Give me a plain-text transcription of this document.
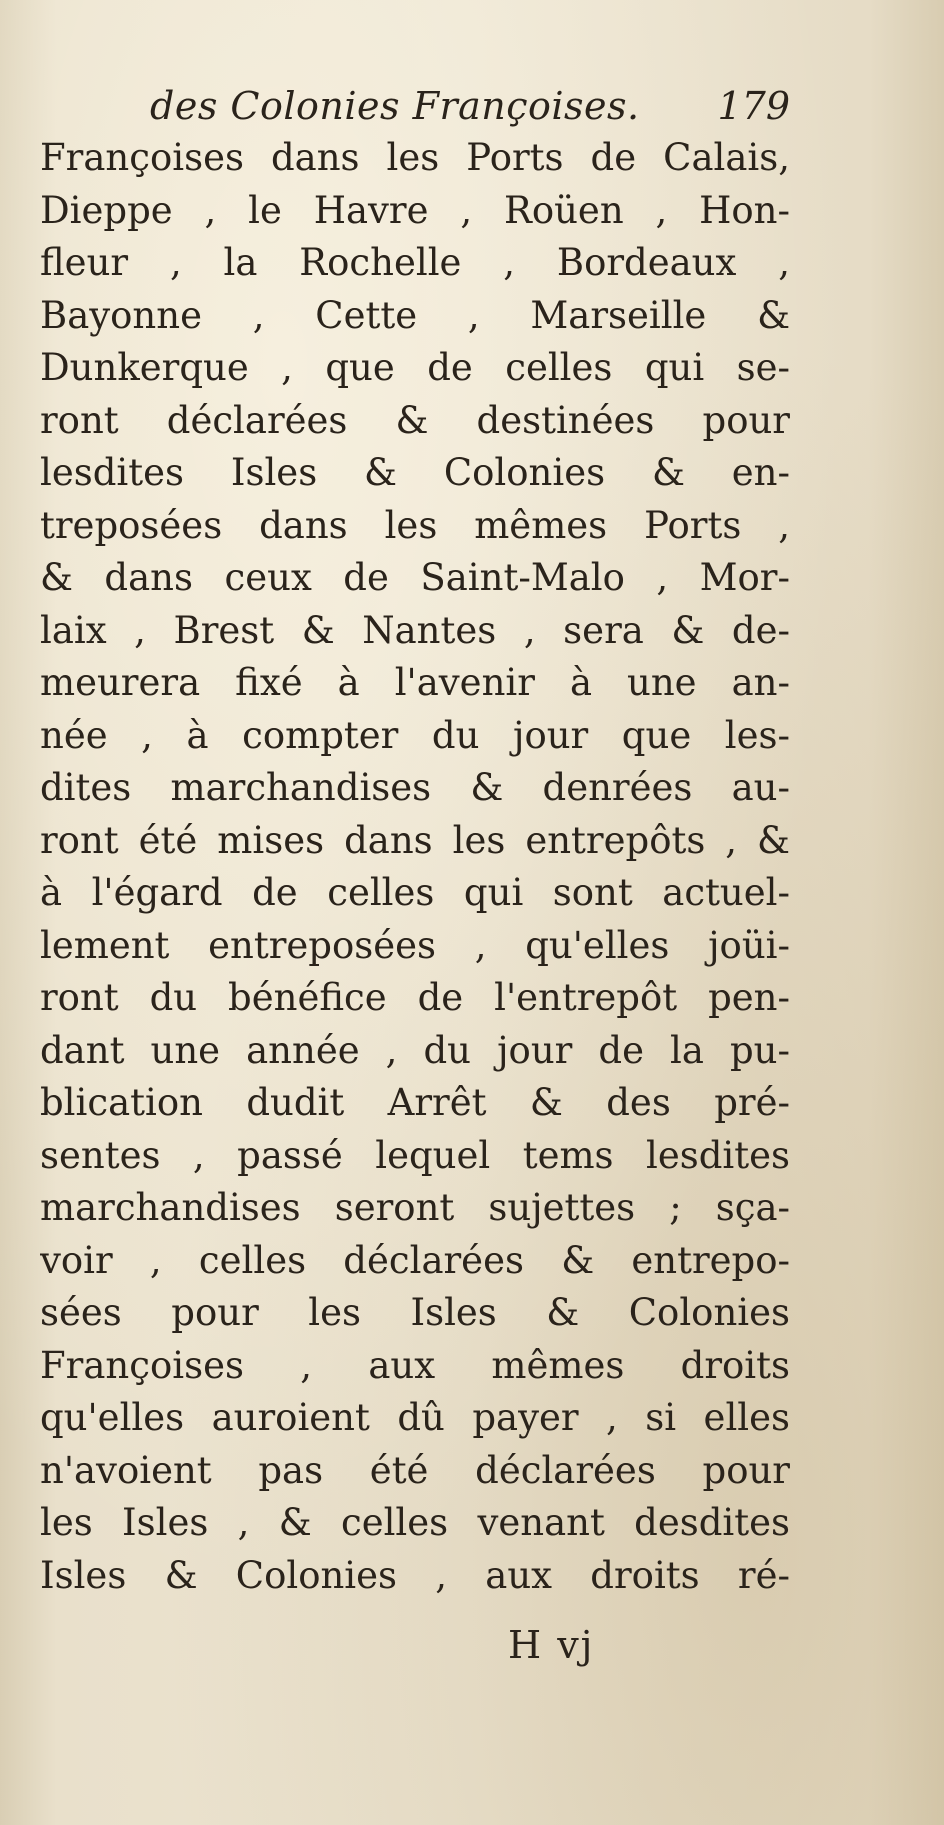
des Colonies Françoises. 179
Françoises dans les Ports de Calais,
Dieppe , le Havre , Roüen , Hon-
fleur , la Rochelle , Bordeaux ,
Bayonne , Cette , Marseille &
Dunkerque , que de celles qui se-
ront déclarées & destinées pour
lesdites Isles & Colonies & en-
treposées dans les mêmes Ports ,
& dans ceux de Saint-Malo , Mor-
laix , Brest & Nantes , sera & de-
meurera fixé à l'avenir à une an-
née , à compter du jour que les-
dites marchandises & denrées au-
ront été mises dans les entrepôts , &
à l'égard de celles qui sont actuel-
lement entreposées , qu'elles joüi-
ront du bénéfice de l'entrepôt pen-
dant une année , du jour de la pu-
blication dudit Arrêt & des pré-
sentes , passé lequel tems lesdites
marchandises seront sujettes ; sça-
voir , celles déclarées & entrepo-
sées pour les Isles & Colonies
Françoises , aux mêmes droits
qu'elles auroient dû payer , si elles
n'avoient pas été déclarées pour
les Isles , & celles venant desdites
Isles & Colonies , aux droits ré-
H vj
